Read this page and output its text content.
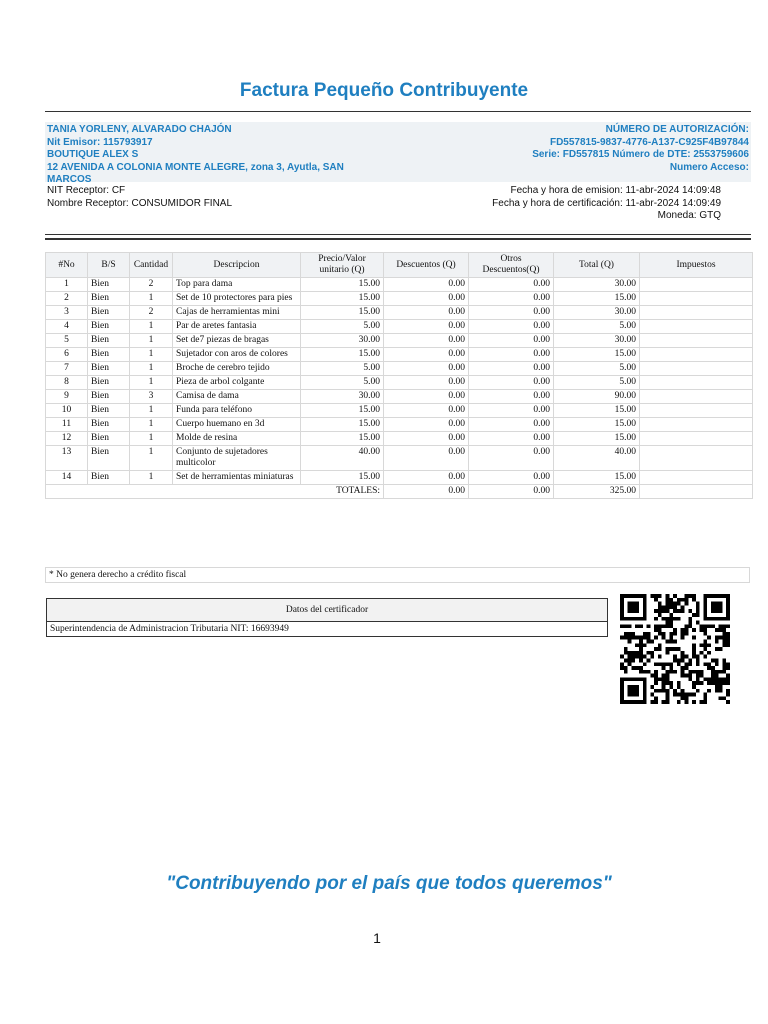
Factura Pequeño Contribuyente
TANIA YORLENY, ALVARADO CHAJÓN
Nit Emisor: 115793917
BOUTIQUE ALEX S
12 AVENIDA A COLONIA MONTE ALEGRE, zona 3, Ayutla, SAN MARCOS
NÚMERO DE AUTORIZACIÓN:
FD557815-9837-4776-A137-C925F4B97844
Serie: FD557815 Número de DTE: 2553759606
Numero Acceso:
NIT Receptor: CF
Nombre Receptor: CONSUMIDOR FINAL
Fecha y hora de emision: 11-abr-2024 14:09:48
Fecha y hora de certificación: 11-abr-2024 14:09:49
Moneda: GTQ
#No	B/S	Cantidad	Descripcion	Precio/Valor unitario (Q)	Descuentos (Q)	Otros Descuentos(Q)	Total (Q)	Impuestos
1	Bien	2	Top para dama	15.00	0.00	0.00	30.00	
2	Bien	1	Set de 10 protectores para pies	15.00	0.00	0.00	15.00	
3	Bien	2	Cajas de herramientas mini	15.00	0.00	0.00	30.00	
4	Bien	1	Par de aretes fantasia	5.00	0.00	0.00	5.00	
5	Bien	1	Set de7 piezas de bragas	30.00	0.00	0.00	30.00	
6	Bien	1	Sujetador con aros de colores	15.00	0.00	0.00	15.00	
7	Bien	1	Broche de cerebro tejido	5.00	0.00	0.00	5.00	
8	Bien	1	Pieza de arbol colgante	5.00	0.00	0.00	5.00	
9	Bien	3	Camisa de dama	30.00	0.00	0.00	90.00	
10	Bien	1	Funda para teléfono	15.00	0.00	0.00	15.00	
11	Bien	1	Cuerpo huemano en 3d	15.00	0.00	0.00	15.00	
12	Bien	1	Molde de resina	15.00	0.00	0.00	15.00	
13	Bien	1	Conjunto de sujetadores multicolor	40.00	0.00	0.00	40.00	
14	Bien	1	Set de herramientas miniaturas	15.00	0.00	0.00	15.00	
TOTALES:					0.00	0.00	325.00	
* No genera derecho a crédito fiscal
Datos del certificador
Superintendencia de Administracion Tributaria NIT: 16693949
"Contribuyendo por el país que todos queremos"
1
